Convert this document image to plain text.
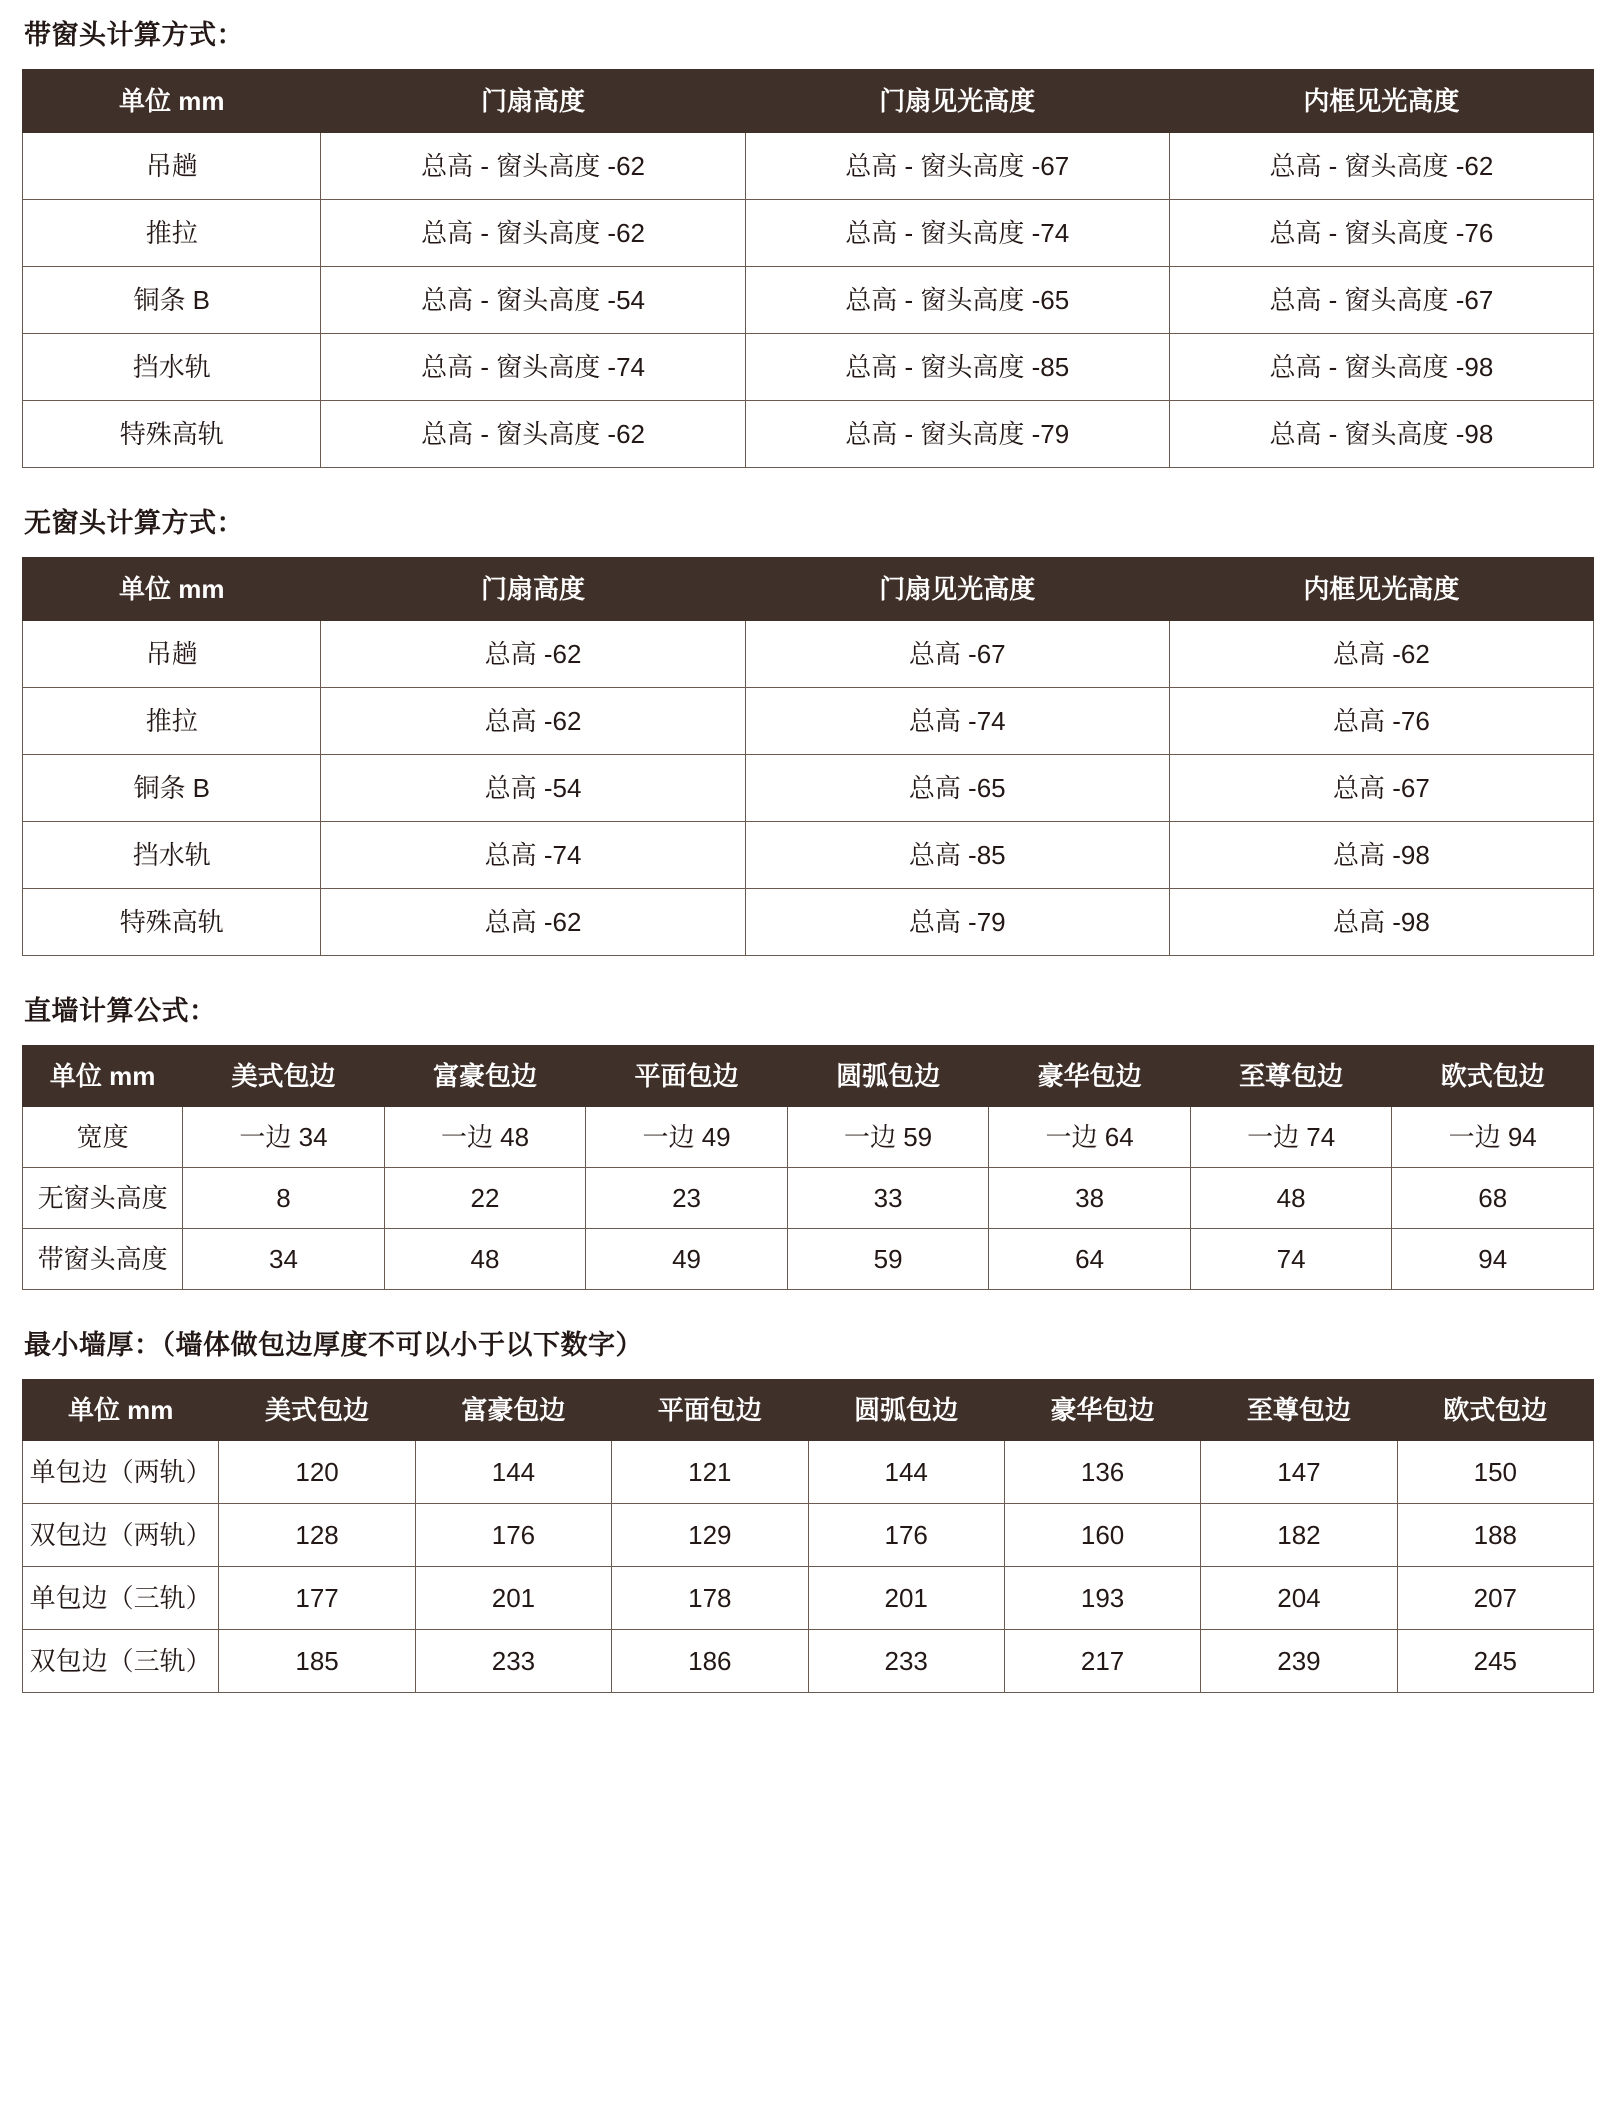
带窗头计算方式：
单位 mm	门扇高度	门扇见光高度	内框见光高度
吊趟	总高 - 窗头高度 -62	总高 - 窗头高度 -67	总高 - 窗头高度 -62
推拉	总高 - 窗头高度 -62	总高 - 窗头高度 -74	总高 - 窗头高度 -76
铜条 B	总高 - 窗头高度 -54	总高 - 窗头高度 -65	总高 - 窗头高度 -67
挡水轨	总高 - 窗头高度 -74	总高 - 窗头高度 -85	总高 - 窗头高度 -98
特殊高轨	总高 - 窗头高度 -62	总高 - 窗头高度 -79	总高 - 窗头高度 -98
无窗头计算方式：
单位 mm	门扇高度	门扇见光高度	内框见光高度
吊趟	总高 -62	总高 -67	总高 -62
推拉	总高 -62	总高 -74	总高 -76
铜条 B	总高 -54	总高 -65	总高 -67
挡水轨	总高 -74	总高 -85	总高 -98
特殊高轨	总高 -62	总高 -79	总高 -98
直墙计算公式：
单位 mm	美式包边	富豪包边	平面包边	圆弧包边	豪华包边	至尊包边	欧式包边
宽度	一边 34	一边 48	一边 49	一边 59	一边 64	一边 74	一边 94
无窗头高度	8	22	23	33	38	48	68
带窗头高度	34	48	49	59	64	74	94
最小墙厚：（墙体做包边厚度不可以小于以下数字）
单位 mm	美式包边	富豪包边	平面包边	圆弧包边	豪华包边	至尊包边	欧式包边
单包边（两轨）	120	144	121	144	136	147	150
双包边（两轨）	128	176	129	176	160	182	188
单包边（三轨）	177	201	178	201	193	204	207
双包边（三轨）	185	233	186	233	217	239	245
